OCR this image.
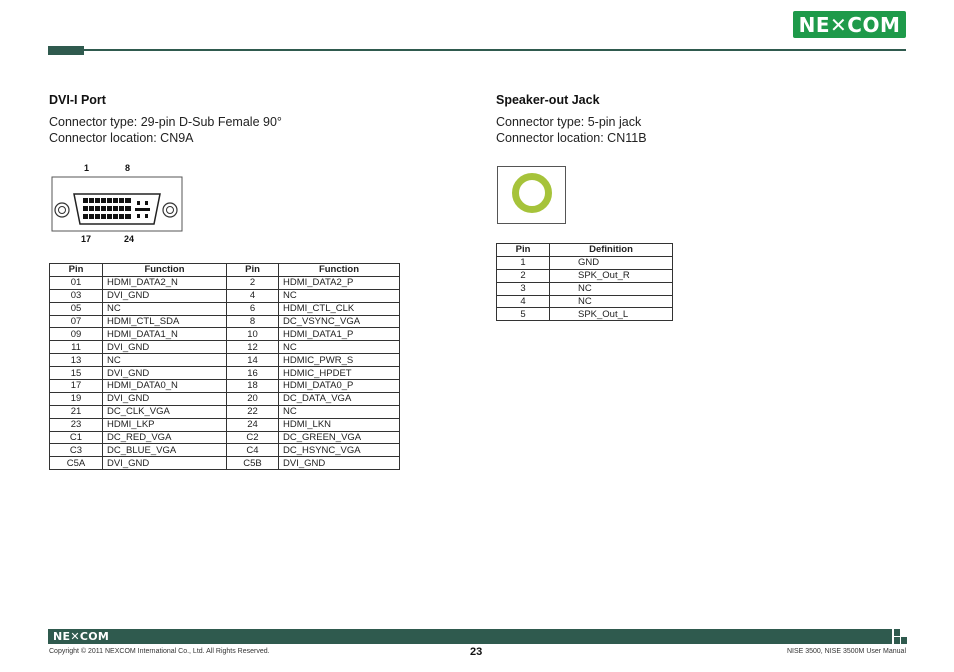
NE✕COM
DVI-I Port
Connector type: 29-pin D-Sub Female 90°
Connector location: CN9A
1	8
17	24
Pin	Function	Pin	Function
01	HDMI_DATA2_N	2	HDMI_DATA2_P
03	DVI_GND	4	NC
05	NC	6	HDMI_CTL_CLK
07	HDMI_CTL_SDA	8	DC_VSYNC_VGA
09	HDMI_DATA1_N	10	HDMI_DATA1_P
11	DVI_GND	12	NC
13	NC	14	HDMIC_PWR_S
15	DVI_GND	16	HDMIC_HPDET
17	HDMI_DATA0_N	18	HDMI_DATA0_P
19	DVI_GND	20	DC_DATA_VGA
21	DC_CLK_VGA	22	NC
23	HDMI_LKP	24	HDMI_LKN
C1	DC_RED_VGA	C2	DC_GREEN_VGA
C3	DC_BLUE_VGA	C4	DC_HSYNC_VGA
C5A	DVI_GND	C5B	DVI_GND
Speaker-out Jack
Connector type: 5-pin jack
Connector location: CN11B
Pin	Definition
1	GND
2	SPK_Out_R
3	NC
4	NC
5	SPK_Out_L
NE✕COM
Copyright © 2011 NEXCOM International Co., Ltd. All Rights Reserved.	23	NISE 3500, NISE 3500M User Manual
